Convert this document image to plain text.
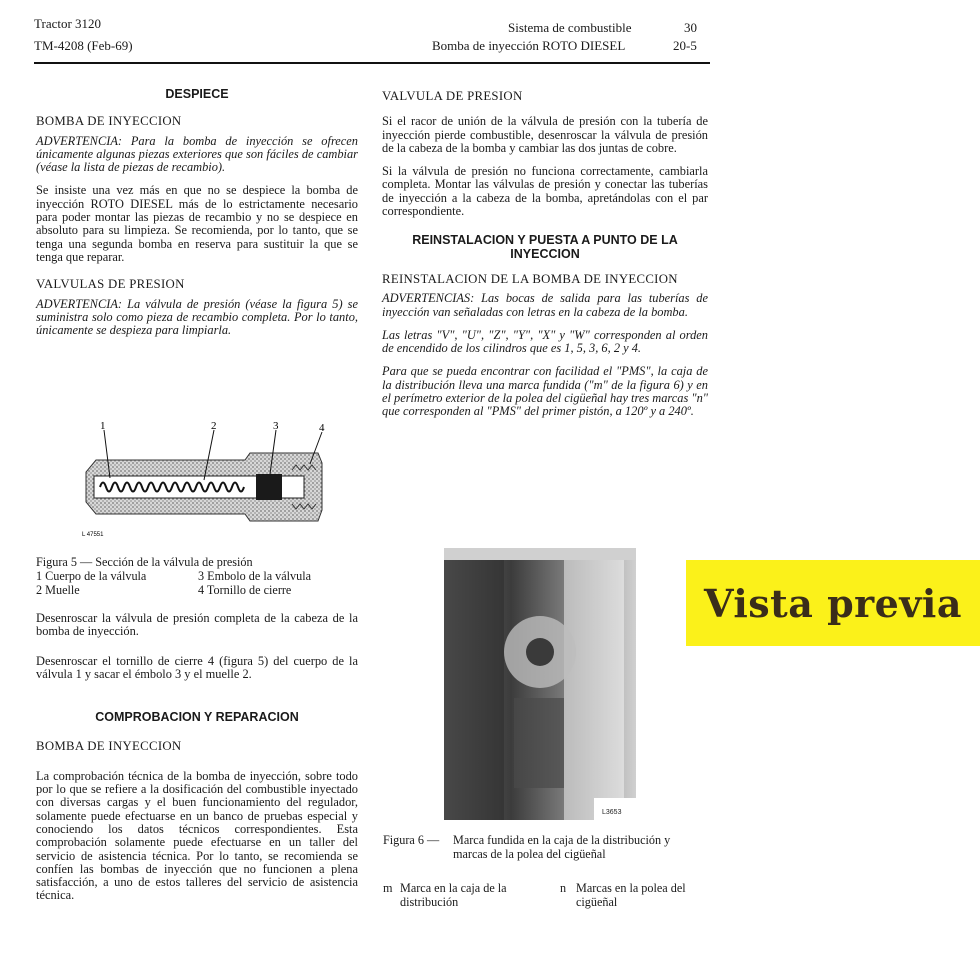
Tractor 3120
TM-4208 (Feb-69)
Sistema de combustible	30
Bomba de inyección ROTO DIESEL	20-5
DESPIECE
BOMBA DE INYECCION

ADVERTENCIA: Para la bomba de inyección se ofrecen únicamente algunas piezas exteriores que son fáciles de cambiar (véase la lista de piezas de recambio).

Se insiste una vez más en que no se despiece la bomba de inyección ROTO DIESEL más de lo estrictamente necesario para poder montar las piezas de recambio y no se despiece en absoluto para su limpieza. Se recomienda, por lo tanto, que se tenga una segunda bomba en reserva para sustituir la que se tenga que reparar.

VALVULAS DE PRESION

ADVERTENCIA: La válvula de presión (véase la figura 5) se suministra solo como pieza de recambio completa. Por lo tanto, únicamente se despieza para limpiarla.

1	2	3	4
L 47551
Figura 5 — Sección de la válvula de presión
1 Cuerpo de la válvula
2 Muelle
3 Embolo de la válvula
4 Tornillo de cierre

Desenroscar la válvula de presión completa de la cabeza de la bomba de inyección.

Desenroscar el tornillo de cierre 4 (figura 5) del cuerpo de la válvula 1 y sacar el émbolo 3 y el muelle 2.

COMPROBACION Y REPARACION
BOMBA DE INYECCION

La comprobación técnica de la bomba de inyección, sobre todo por lo que se refiere a la dosificación del combustible inyectado con diversas cargas y el buen funcionamiento del regulador, solamente puede efectuarse en un banco de pruebas especial y conociendo los datos técnicos correspondientes. Esta comprobación solamente puede efectuarse en un taller del servicio de asistencia técnica. Por lo tanto, se recomienda se confíen las bombas de inyección que no funcionen a plena satisfacción, a uno de estos talleres del servicio de asistencia técnica.

VALVULA DE PRESION

Si el racor de unión de la válvula de presión con la tubería de inyección pierde combustible, desenroscar la válvula de presión de la cabeza de la bomba y cambiar las dos juntas de cobre.

Si la válvula de presión no funciona correctamente, cambiarla completa. Montar las válvulas de presión y conectar las tuberías de inyección a la cabeza de la bomba, apretándolas con el par correspondiente.

REINSTALACION Y PUESTA A PUNTO DE LA INYECCION
REINSTALACION DE LA BOMBA DE INYECCION

ADVERTENCIAS: Las bocas de salida para las tuberías de inyección van señaladas con letras en la cabeza de la bomba.

Las letras "V", "U", "Z", "Y", "X" y "W" corresponden al orden de encendido de los cilindros que es 1, 5, 3, 6, 2 y 4.

Para que se pueda encontrar con facilidad el "PMS", la caja de la distribución lleva una marca fundida ("m" de la figura 6) y en el perímetro exterior de la polea del cigüeñal hay tres marcas "n" que corresponden al "PMS" del primer pistón, a 120º y a 240º.

L3653
Figura 6 — Marca fundida en la caja de la distribución y marcas de la polea del cigüeñal
m Marca en la caja de la distribución
n Marcas en la polea del cigüeñal
Vista previa
